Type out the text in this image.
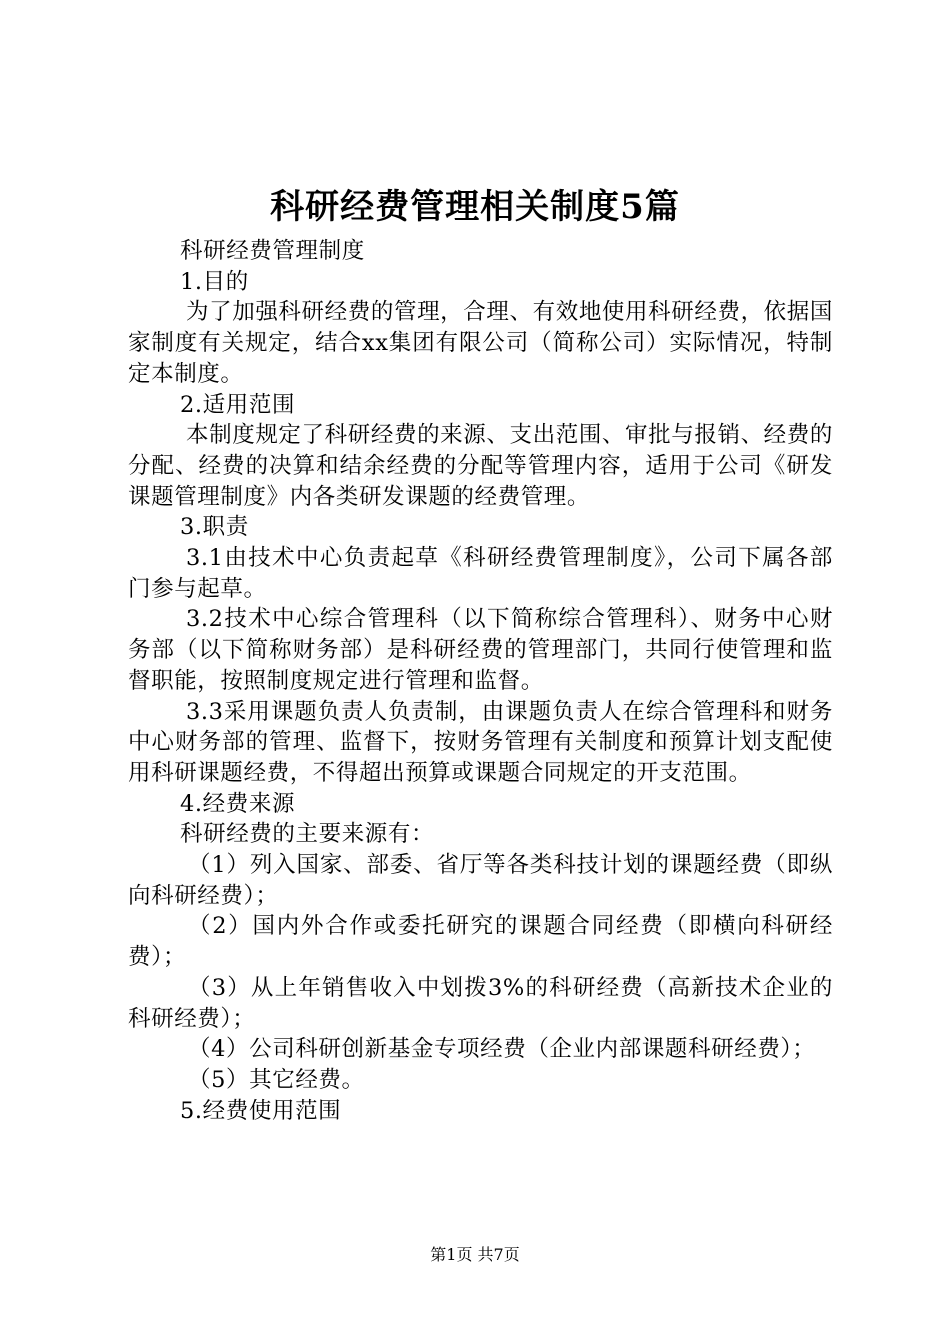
科研经费管理相关制度5篇

科研经费管理制度

1.目的

为了加强科研经费的管理，合理、有效地使用科研经费，依据国家制度有关规定，结合xx集团有限公司（简称公司）实际情况，特制定本制度。

2.适用范围

本制度规定了科研经费的来源、支出范围、审批与报销、经费的分配、经费的决算和结余经费的分配等管理内容，适用于公司《研发课题管理制度》内各类研发课题的经费管理。

3.职责

3.1由技术中心负责起草《科研经费管理制度》，公司下属各部门参与起草。

3.2技术中心综合管理科（以下简称综合管理科）、财务中心财务部（以下简称财务部）是科研经费的管理部门，共同行使管理和监督职能，按照制度规定进行管理和监督。

3.3采用课题负责人负责制，由课题负责人在综合管理科和财务中心财务部的管理、监督下，按财务管理有关制度和预算计划支配使用科研课题经费，不得超出预算或课题合同规定的开支范围。

4.经费来源

科研经费的主要来源有：

（1）列入国家、部委、省厅等各类科技计划的课题经费（即纵向科研经费）；

（2）国内外合作或委托研究的课题合同经费（即横向科研经费）；

（3）从上年销售收入中划拨3%的科研经费（高新技术企业的科研经费）；

（4）公司科研创新基金专项经费（企业内部课题科研经费）；

（5）其它经费。

5.经费使用范围

第1页 共7页
